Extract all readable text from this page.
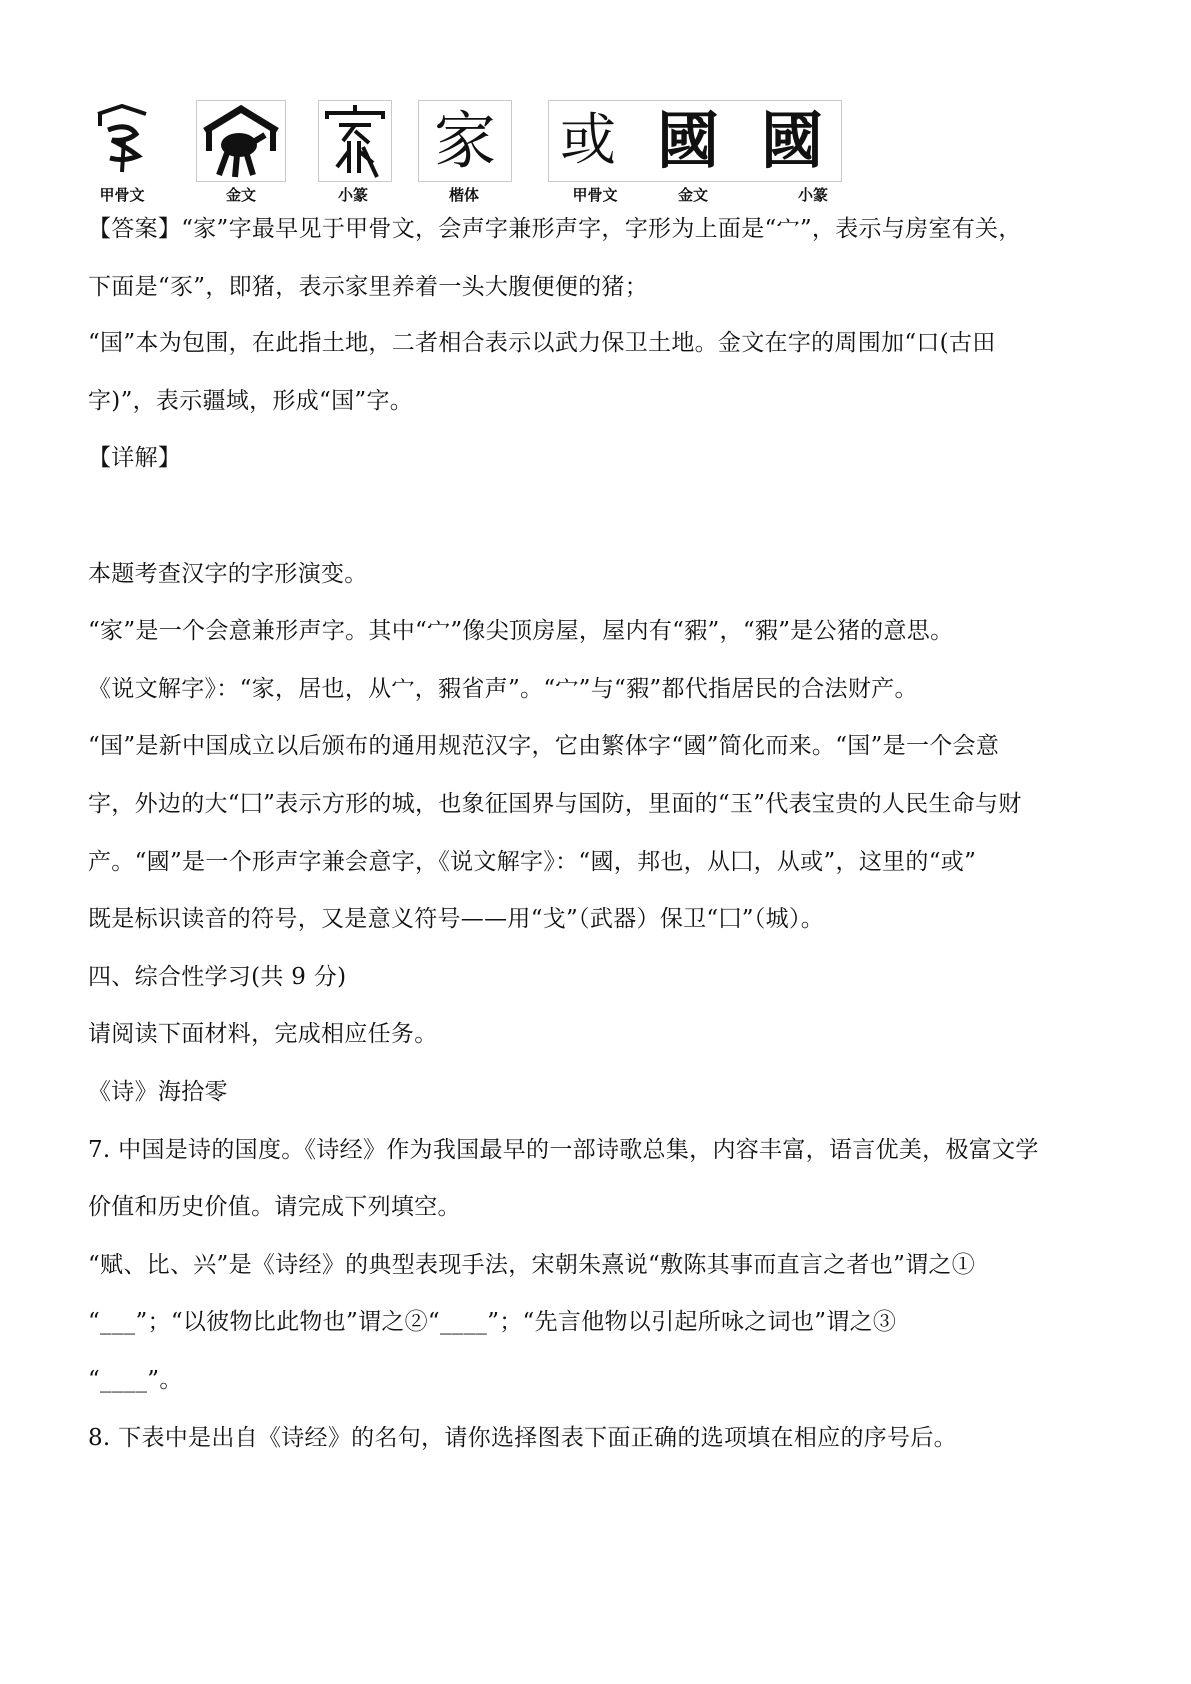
甲骨文	金文	小篆
家
楷体
或 國 國
甲骨文	金文	小篆
【答案】“家”字最早见于甲骨文，会声字兼形声字，字形为上面是“宀”，表示与房室有关，
下面是“豕”，即猪，表示家里养着一头大腹便便的猪；
“国”本为包围，在此指土地，二者相合表示以武力保卫土地。金文在字的周围加“口(古田
字)”，表示疆域，形成“国”字。
【详解】
本题考查汉字的字形演变。
“家”是一个会意兼形声字。其中“宀”像尖顶房屋，屋内有“豭”，“豭”是公猪的意思。
《说文解字》：“家，居也，从宀，豭省声”。“宀”与“豭”都代指居民的合法财产。
“国”是新中国成立以后颁布的通用规范汉字，它由繁体字“國”简化而来。“国”是一个会意
字，外边的大“囗”表示方形的城，也象征国界与国防，里面的“玉”代表宝贵的人民生命与财
产。“國”是一个形声字兼会意字，《说文解字》：“國，邦也，从囗，从或”，这里的“或”
既是标识读音的符号，又是意义符号——用“戈”（武器）保卫“囗”（城）。
四、综合性学习(共 9 分)
请阅读下面材料，完成相应任务。
《诗》海拾零
7. 中国是诗的国度。《诗经》作为我国最早的一部诗歌总集，内容丰富，语言优美，极富文学
价值和历史价值。请完成下列填空。
“赋、比、兴”是《诗经》的典型表现手法，宋朝朱熹说“敷陈其事而直言之者也”谓之①
“___”；“以彼物比此物也”谓之②“____”；“先言他物以引起所咏之词也”谓之③
“____”。
8. 下表中是出自《诗经》的名句，请你选择图表下面正确的选项填在相应的序号后。
